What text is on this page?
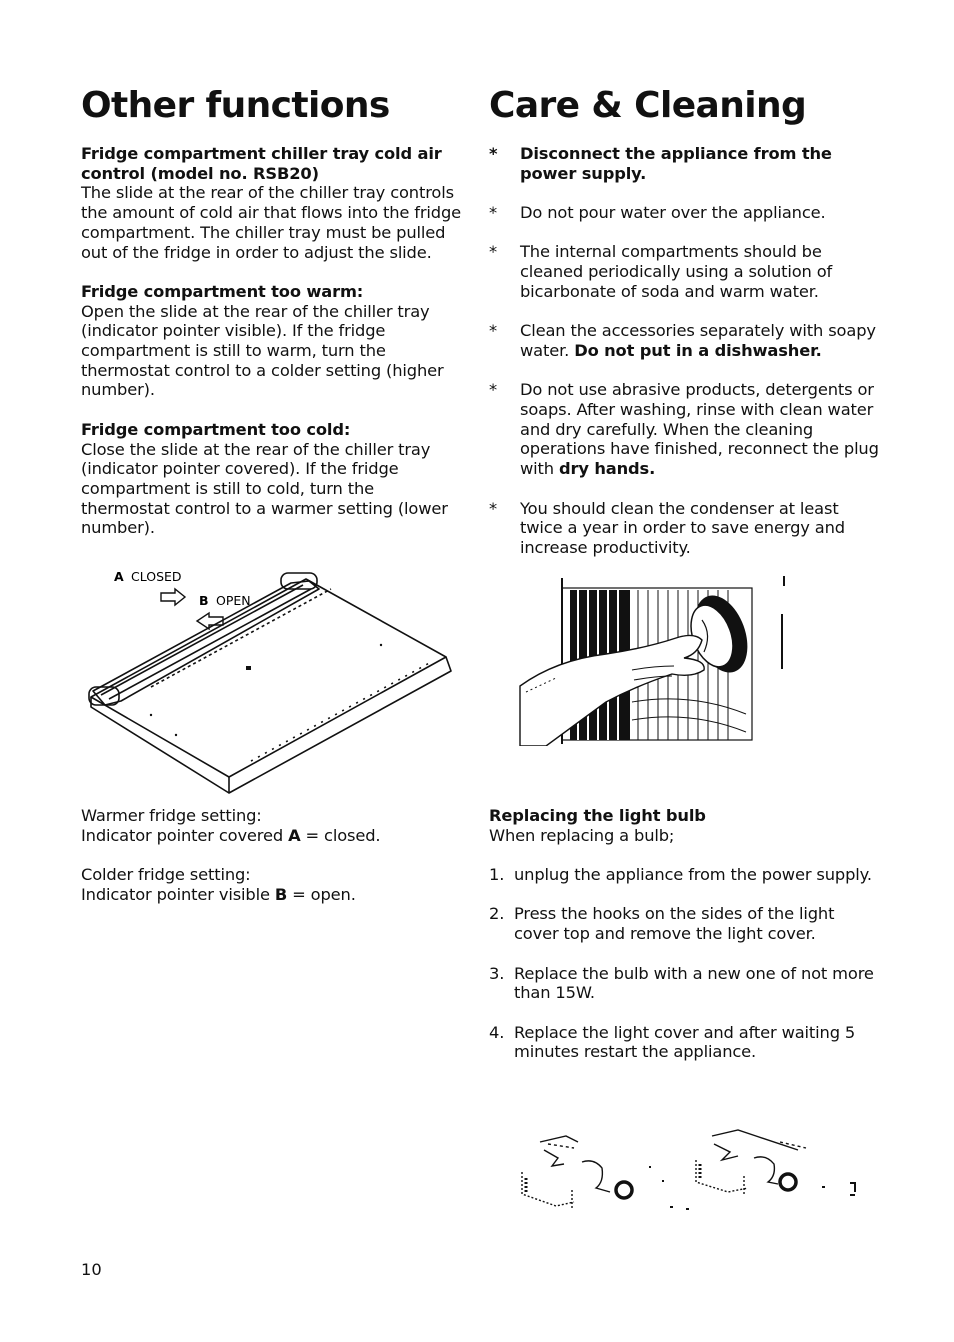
Other functions
Fridge compartment chiller tray cold air control (model no. RSB20)

The slide at the rear of the chiller tray controls the amount of cold air that flows into the fridge compartment. The chiller tray must be pulled out of the fridge in order to adjust the slide.

Fridge compartment too warm:

Open the slide at the rear of the chiller tray (indicator pointer visible). If the fridge compartment is still to warm, turn the thermostat control to a colder setting (higher number).

Fridge compartment too cold:

Close the slide at the rear of the chiller tray (indicator pointer covered). If the fridge compartment is still to cold, turn the thermostat control to a warmer setting (lower number).

A CLOSED
B OPEN

Warmer fridge setting:

Indicator pointer covered A = closed.

Colder fridge setting:

Indicator pointer visible B = open.

Care & Cleaning
*	Disconnect the appliance from the power supply.
*	Do not pour water over the appliance.
*	The internal compartments should be cleaned periodically using a solution of bicarbonate of soda and warm water.
*	Clean the accessories separately with soapy water. Do not put in a dishwasher.
*	Do not use abrasive products, detergents or soaps. After washing, rinse with clean water and dry carefully. When the cleaning operations have finished, reconnect the plug with dry hands.
*	You should clean the condenser at least twice a year in order to save energy and increase productivity.
Replacing the light bulb

When replacing a bulb;

1. unplug the appliance from the power supply.
2. Press the hooks on the sides of the light cover top and remove the light cover.
3. Replace the bulb with a new one of not more than 15W.
4. Replace the light cover and after waiting 5 minutes restart the appliance.
10
